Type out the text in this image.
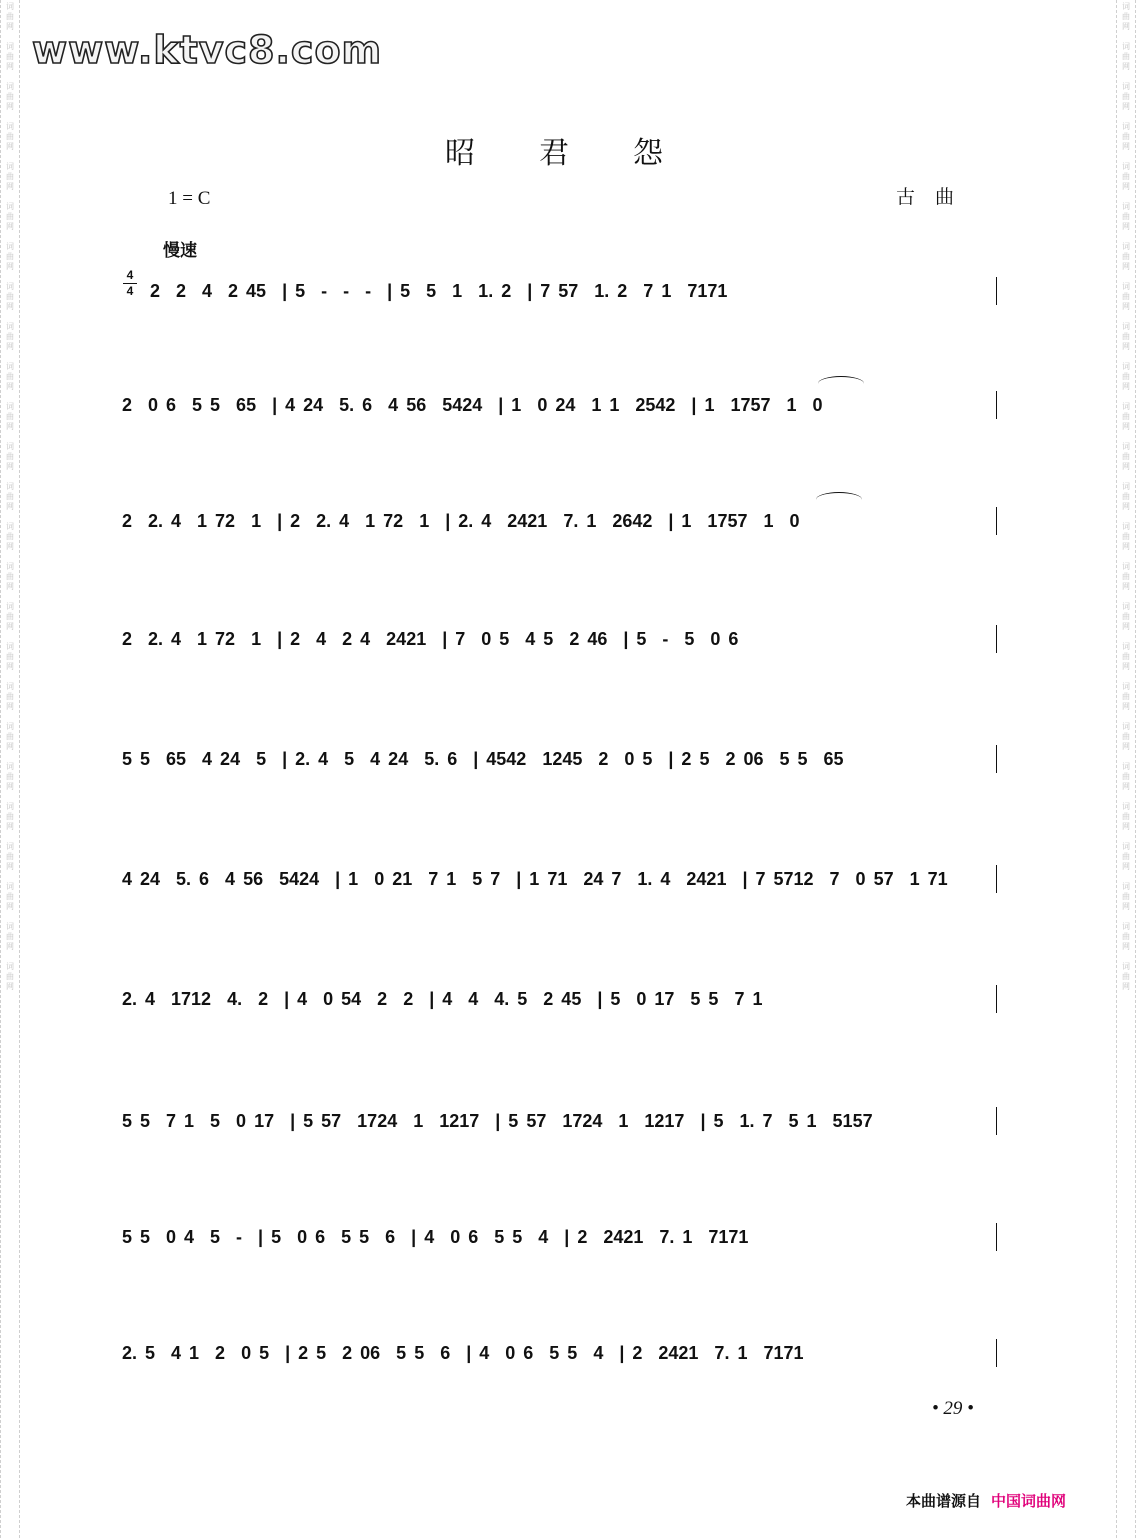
词
曲
网

词
曲
网

词
曲
网

词
曲
网

词
曲
网

词
曲
网

词
曲
网

词
曲
网

词
曲
网

词
曲
网

词
曲
网

词
曲
网

词
曲
网

词
曲
网

词
曲
网

词
曲
网

词
曲
网

词
曲
网

词
曲
网

词
曲
网

词
曲
网

词
曲
网

词
曲
网

词
曲
网

词
曲
网
词
曲
网

词
曲
网

词
曲
网

词
曲
网

词
曲
网

词
曲
网

词
曲
网

词
曲
网

词
曲
网

词
曲
网

词
曲
网

词
曲
网

词
曲
网

词
曲
网

词
曲
网

词
曲
网

词
曲
网

词
曲
网

词
曲
网

词
曲
网

词
曲
网

词
曲
网

词
曲
网

词
曲
网

词
曲
网
www.ktvc8.com
昭君怨
1 = C	古曲
慢速
4
4 2  2  4  2 45  | 5  -  -  -  | 5  5  1  1. 2  | 7 57  1. 2  7 1  7171
2  0 6  5 5  65  | 4 24  5. 6  4 56  5424  | 1  0 24  1 1  2542  | 1  1757  1  0
2  2. 4  1 72  1  | 2  2. 4  1 72  1  | 2. 4  2421  7. 1  2642  | 1  1757  1  0
2  2. 4  1 72  1  | 2  4  2 4  2421  | 7  0 5  4 5  2 46  | 5  -  5  0 6
5 5  65  4 24  5  | 2. 4  5  4 24  5. 6  | 4542  1245  2  0 5  | 2 5  2 06  5 5  65
4 24  5. 6  4 56  5424  | 1  0 21  7 1  5 7  | 1 71  24 7  1. 4  2421  | 7 5712  7  0 57  1 71
2. 4  1712  4.  2  | 4  0 54  2  2  | 4  4  4. 5  2 45  | 5  0 17  5 5  7 1
5 5  7 1  5  0 17  | 5 57  1724  1  1217  | 5 57  1724  1  1217  | 5  1. 7  5 1  5157
5 5  0 4  5  -  | 5  0 6  5 5  6  | 4  0 6  5 5  4  | 2  2421  7. 1  7171
2. 5  4 1  2  0 5  | 2 5  2 06  5 5  6  | 4  0 6  5 5  4  | 2  2421  7. 1  7171
• 29 •
本曲谱源自 中国词曲网
